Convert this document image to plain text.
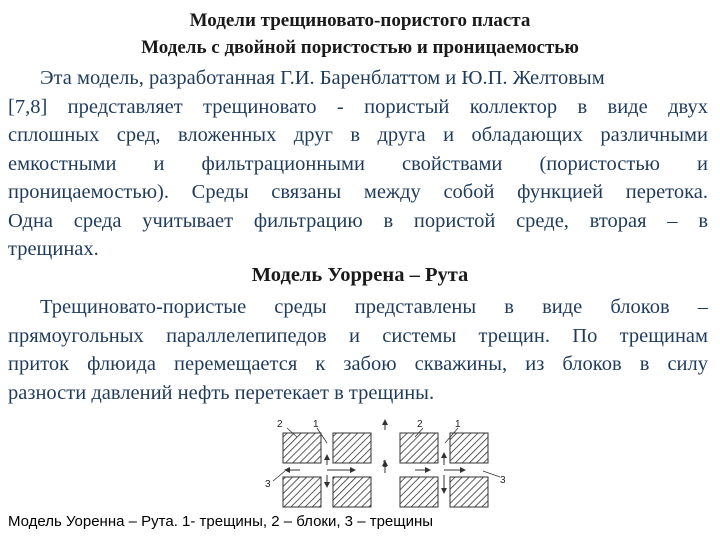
Модели трещиновато-пористого пласта
Модель с двойной пористостью и проницаемостью
Эта модель, разработанная Г.И. Баренблаттом и Ю.П. Желтовым
[7,8] представляет трещиновато - пористый коллектор в виде двух
сплошных сред, вложенных друг в друга и обладающих различными
емкостными и фильтрационными свойствами (пористостью и
проницаемостью). Среды связаны между собой функцией перетока.
Одна среда учитывает фильтрацию в пористой среде, вторая – в
трещинах.
Модель Уоррена – Рута
Трещиновато-пористые среды представлены в виде блоков –
прямоугольных параллелепипедов и системы трещин. По трещинам
приток флюида перемещается к забою скважины, из блоков в силу
разности давлений нефть перетекает в трещины.
2	1
3
1
2	1
3
Модель Уоренна – Рута. 1- трещины, 2 – блоки, 3 – трещины
